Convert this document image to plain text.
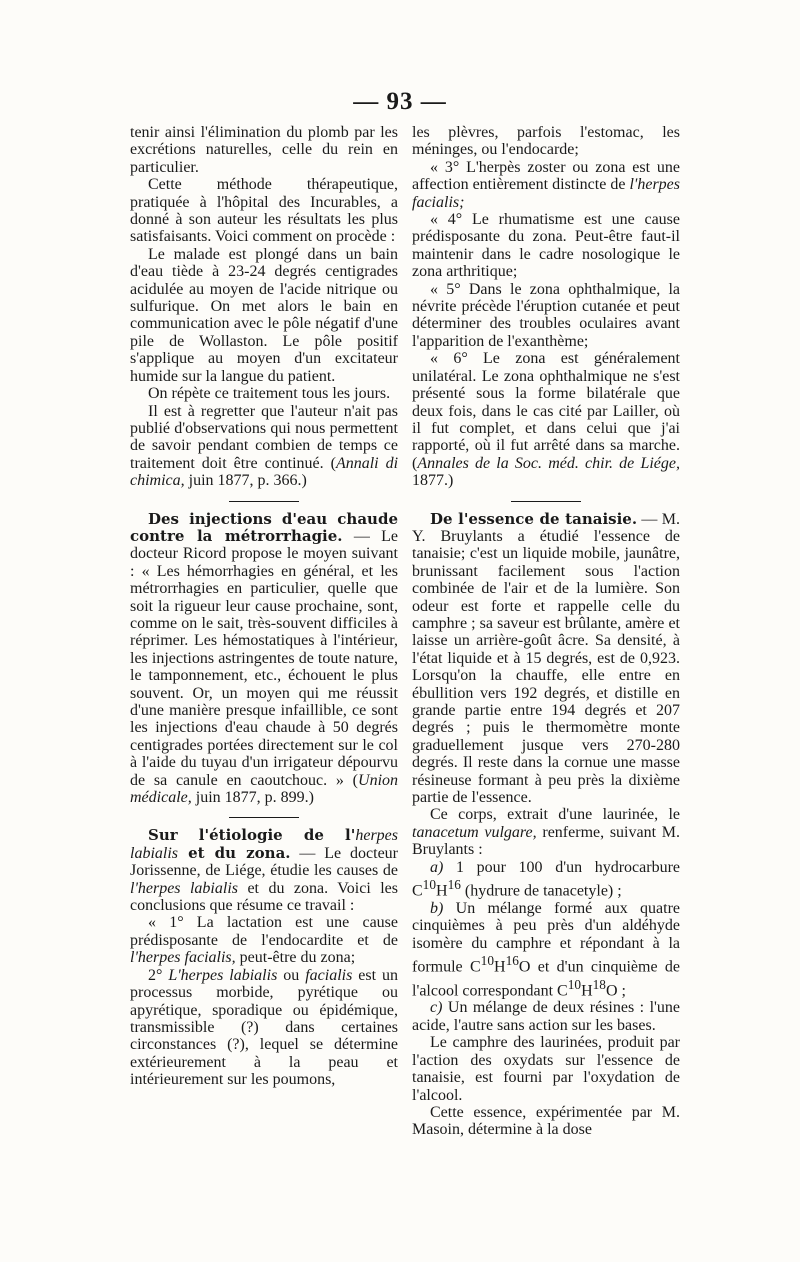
— 93 —

tenir ainsi l'élimination du plomb par les excrétions naturelles, celle du rein en particulier.

Cette méthode thérapeutique, pratiquée à l'hôpital des Incurables, a donné à son auteur les résultats les plus satisfaisants. Voici comment on procède :

Le malade est plongé dans un bain d'eau tiède à 23-24 degrés centigrades acidulée au moyen de l'acide nitrique ou sulfurique. On met alors le bain en communication avec le pôle négatif d'une pile de Wollaston. Le pôle positif s'applique au moyen d'un excitateur humide sur la langue du patient.

On répète ce traitement tous les jours.

Il est à regretter que l'auteur n'ait pas publié d'observations qui nous permettent de savoir pendant combien de temps ce traitement doit être continué. (Annali di chimica, juin 1877, p. 366.)

Des injections d'eau chaude contre la métrorrhagie. — Le docteur Ricord propose le moyen suivant : « Les hémorrhagies en général, et les métrorrhagies en particulier, quelle que soit la rigueur leur cause prochaine, sont, comme on le sait, très-souvent difficiles à réprimer. Les hémostatiques à l'intérieur, les injections astringentes de toute nature, le tamponnement, etc., échouent le plus souvent. Or, un moyen qui me réussit d'une manière presque infaillible, ce sont les injections d'eau chaude à 50 degrés centigrades portées directement sur le col à l'aide du tuyau d'un irrigateur dépourvu de sa canule en caoutchouc. » (Union médicale, juin 1877, p. 899.)

Sur l'étiologie de l'herpes labialis et du zona. — Le docteur Jorissenne, de Liége, étudie les causes de l'herpes labialis et du zona. Voici les conclusions que résume ce travail :

« 1° La lactation est une cause prédisposante de l'endocardite et de l'herpes facialis, peut-être du zona;

2° L'herpes labialis ou facialis est un processus morbide, pyrétique ou apyrétique, sporadique ou épidémique, transmissible (?) dans certaines circonstances (?), lequel se détermine extérieurement à la peau et intérieurement sur les poumons,

les plèvres, parfois l'estomac, les méninges, ou l'endocarde;

« 3° L'herpès zoster ou zona est une affection entièrement distincte de l'herpes facialis;

« 4° Le rhumatisme est une cause prédisposante du zona. Peut-être faut-il maintenir dans le cadre nosologique le zona arthritique;

« 5° Dans le zona ophthalmique, la névrite précède l'éruption cutanée et peut déterminer des troubles oculaires avant l'apparition de l'exanthème;

« 6° Le zona est généralement unilatéral. Le zona ophthalmique ne s'est présenté sous la forme bilatérale que deux fois, dans le cas cité par Lailler, où il fut complet, et dans celui que j'ai rapporté, où il fut arrêté dans sa marche. (Annales de la Soc. méd. chir. de Liége, 1877.)

De l'essence de tanaisie. — M. Y. Bruylants a étudié l'essence de tanaisie; c'est un liquide mobile, jaunâtre, brunissant facilement sous l'action combinée de l'air et de la lumière. Son odeur est forte et rappelle celle du camphre ; sa saveur est brûlante, amère et laisse un arrière-goût âcre. Sa densité, à l'état liquide et à 15 degrés, est de 0,923. Lorsqu'on la chauffe, elle entre en ébullition vers 192 degrés, et distille en grande partie entre 194 degrés et 207 degrés ; puis le thermomètre monte graduellement jusque vers 270-280 degrés. Il reste dans la cornue une masse résineuse formant à peu près la dixième partie de l'essence.

Ce corps, extrait d'une laurinée, le tanacetum vulgare, renferme, suivant M. Bruylants :

a) 1 pour 100 d'un hydrocarbure $C^{10}H^{16}$ (hydrure de tanacetyle) ;

b) Un mélange formé aux quatre cinquièmes à peu près d'un aldéhyde isomère du camphre et répondant à la formule $C^{10}H^{16}O$ et d'un cinquième de l'alcool correspondant $C^{10}H^{18}O$ ;

c) Un mélange de deux résines : l'une acide, l'autre sans action sur les bases.

Le camphre des laurinées, produit par l'action des oxydats sur l'essence de tanaisie, est fourni par l'oxydation de l'alcool.

Cette essence, expérimentée par M. Masoin, détermine à la dose
